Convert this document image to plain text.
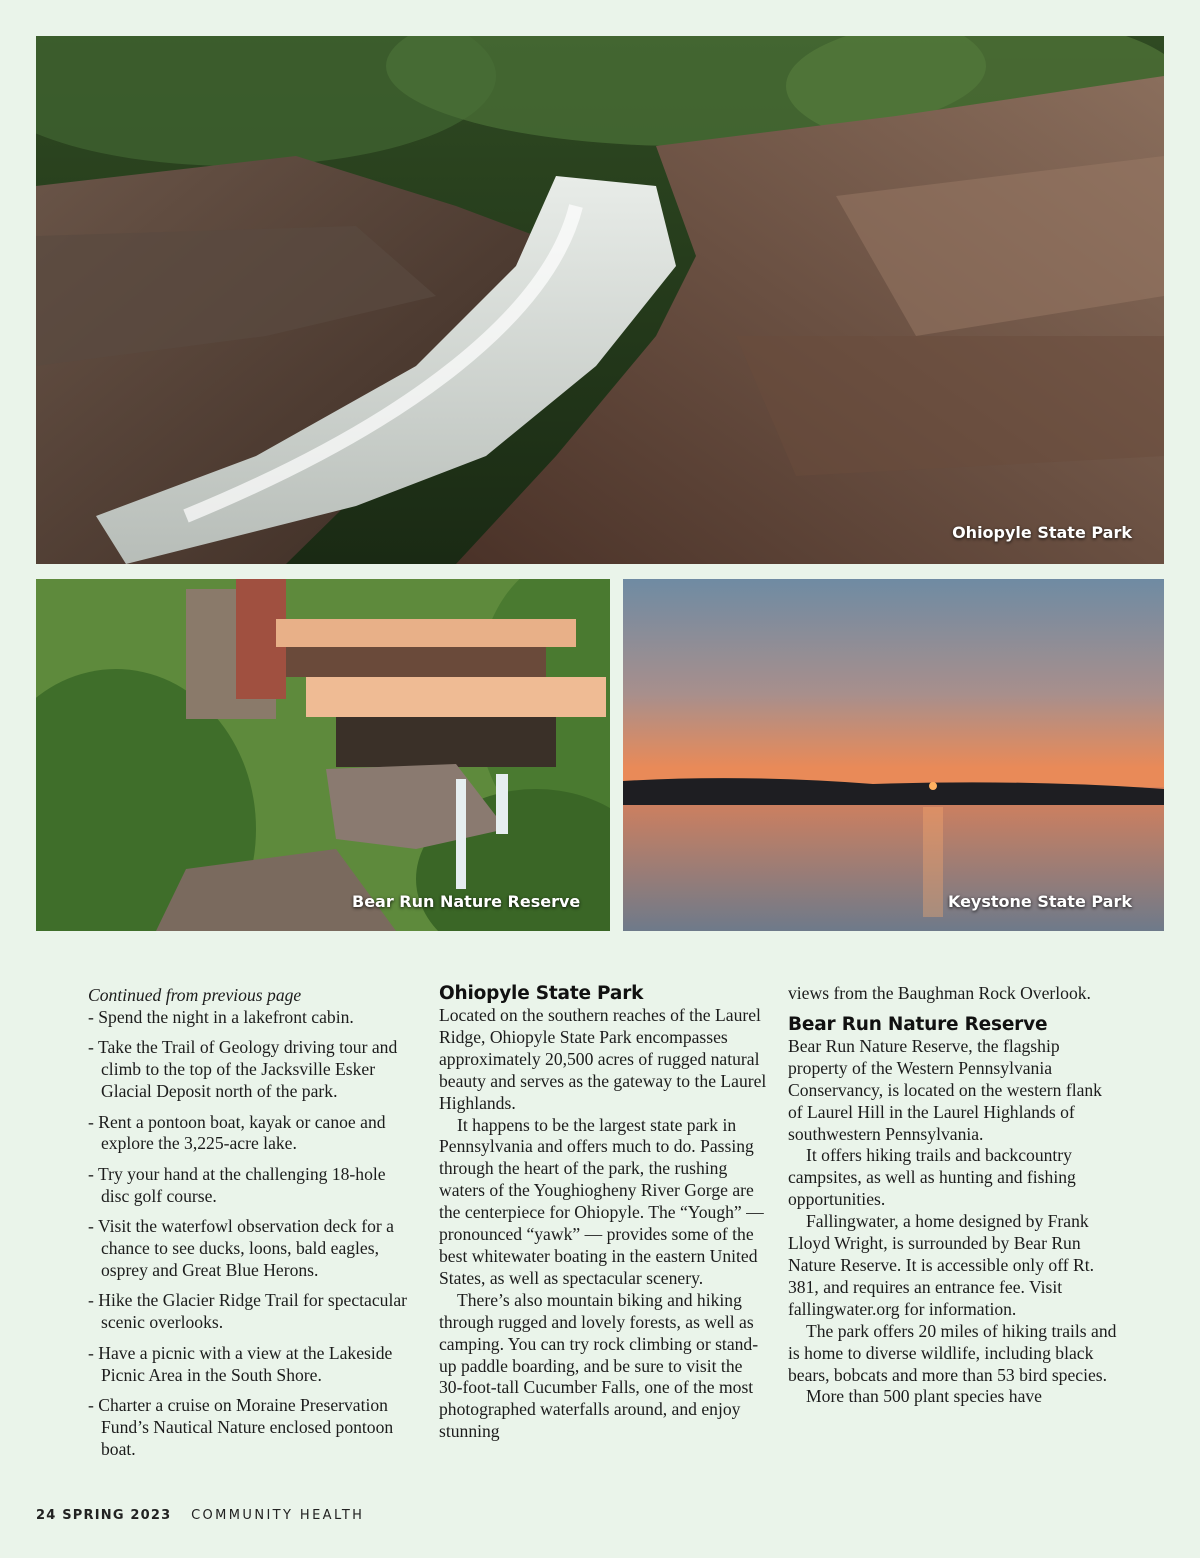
Ohiopyle State Park
Bear Run Nature Reserve	Keystone State Park

Continued from previous page

- Spend the night in a lakefront cabin.
- Take the Trail of Geology driving tour and climb to the top of the Jacksville Esker Glacial Deposit north of the park.
- Rent a pontoon boat, kayak or canoe and explore the 3,225-acre lake.
- Try your hand at the challenging 18-hole disc golf course.
- Visit the waterfowl observation deck for a chance to see ducks, loons, bald eagles, osprey and Great Blue Herons.
- Hike the Glacier Ridge Trail for spectacular scenic overlooks.
- Have a picnic with a view at the Lakeside Picnic Area in the South Shore.
- Charter a cruise on Moraine Preservation Fund’s Nautical Nature enclosed pontoon boat.
Ohiopyle State Park

Located on the southern reaches of the Laurel Ridge, Ohiopyle State Park encompasses approximately 20,500 acres of rugged natural beauty and serves as the gateway to the Laurel Highlands.

It happens to be the largest state park in Pennsylvania and offers much to do. Passing through the heart of the park, the rushing waters of the Youghiogheny River Gorge are the centerpiece for Ohiopyle. The “Yough” — pronounced “yawk” — provides some of the best whitewater boating in the eastern United States, as well as spectacular scenery.

There’s also mountain biking and hiking through rugged and lovely forests, as well as camping. You can try rock climbing or stand-up paddle boarding, and be sure to visit the 30-foot-tall Cucumber Falls, one of the most photographed waterfalls around, and enjoy stunning

views from the Baughman Rock Overlook.

Bear Run Nature Reserve

Bear Run Nature Reserve, the flagship property of the Western Pennsylvania Conservancy, is located on the western flank of Laurel Hill in the Laurel Highlands of southwestern Pennsylvania.

It offers hiking trails and backcountry campsites, as well as hunting and fishing opportunities.

Fallingwater, a home designed by Frank Lloyd Wright, is surrounded by Bear Run Nature Reserve. It is accessible only off Rt. 381, and requires an entrance fee. Visit fallingwater.org for information.

The park offers 20 miles of hiking trails and is home to diverse wildlife, including black bears, bobcats and more than 53 bird species.

More than 500 plant species have

24 SPRING 2023 COMMUNITY HEALTH
